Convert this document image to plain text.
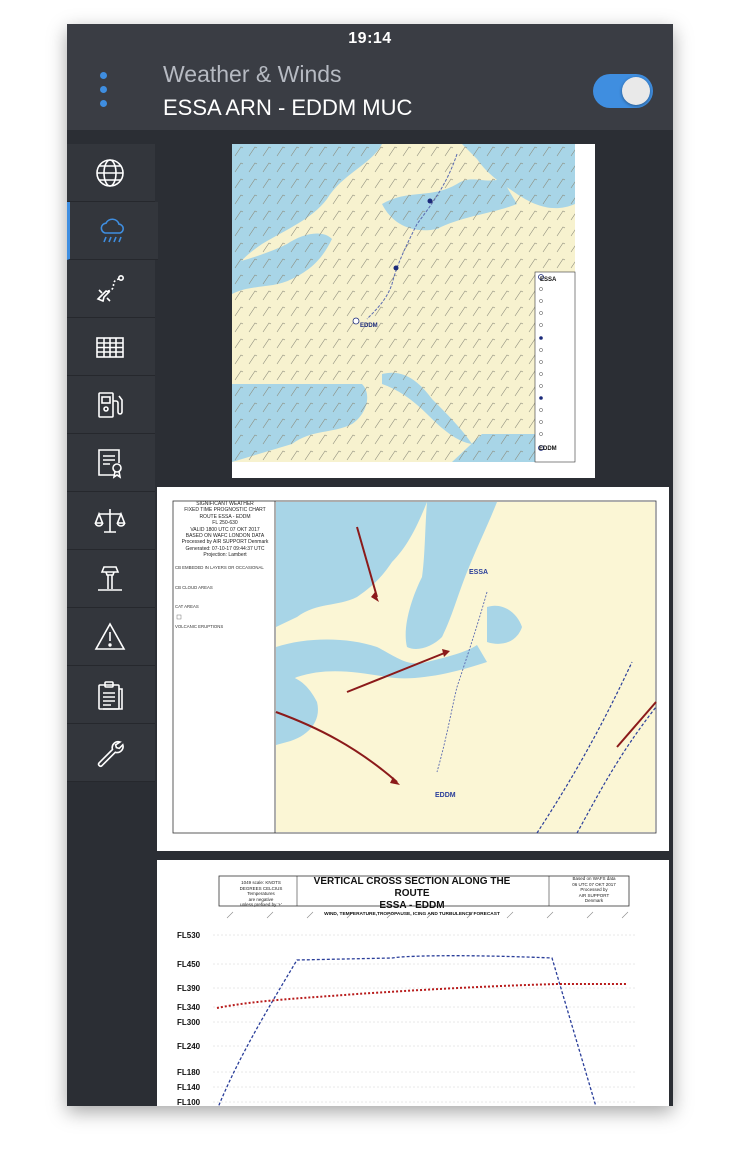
19:14
Weather & Winds
ESSA ARN - EDDM MUC
EDDM
ESSA
EDDM
SIGNIFICANT WEATHER
FIXED TIME PROGNOSTIC CHART
ROUTE ESSA - EDDM
FL 250-630
VALID 1800 UTC 07 OKT 2017
BASED ON WAFC LONDON DATA
Processed by AIR SUPPORT Denmark
Generated: 07-10-17 09:44:37 UTC
Projection: Lambert
CB EMBEDED IN LAYERS OR OCCASIONAL
CB CLOUD AREAS
CAT AREAS
VOLCANIC ERUPTIONS
ESSA
EDDM
1049 scale: KNOTS
DEGREES CELCIUS
Temperatures
are negative
unless prefixed by '+'
VERTICAL CROSS SECTION ALONG THE ROUTE
ESSA - EDDM
WIND, TEMPERATURE,TROPOPAUSE, ICING AND TURBULENCE FORECAST
Based on WAFS data
06 UTC 07 OKT 2017
Processed by
AIR SUPPORT
Denmark
FL530
FL450
FL390
FL340
FL300
FL240
FL180
FL140
FL100
